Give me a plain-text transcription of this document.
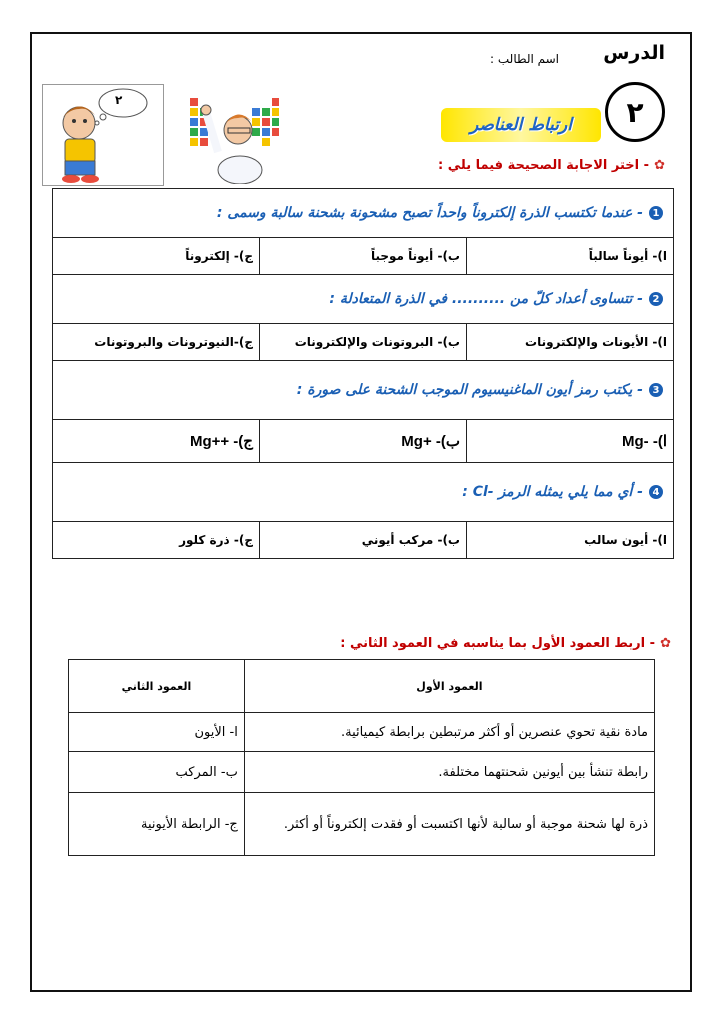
الدرس
اسم الطالب :
٢
ارتباط العناصر
٢
✿ - اختر الاجابة الصحيحة فيما يلي :
1
- عندما تكتسب الذرة إلكتروناً واحداً تصبح مشحونة بشحنة سالبة وسمى :
ا)- أيوناً سالباً
ب)- أيوناً موجباً
ج)- إلكتروناً
2
- تتساوى أعداد كلّ من .......... في الذرة المتعادلة :
ا)- الأيونات والإلكترونات
ب)- البروتونات والإلكترونات
ج)-النيوترونات والبروتونات
3
- يكتب رمز أيون الماغنيسيوم الموجب الشحنة على صورة :
ا)- -Mg
ب)- +Mg
ج)- ++Mg
4
- أي مما يلي يمثله الرمز -Cl :
ا)- أيون سالب
ب)- مركب أيوني
ج)- ذرة كلور
✿ - اربط العمود الأول بما يناسبه في العمود الثاني :
العمود الأول	العمود الثاني
مادة نقية تحوي عنصرين أو أكثر مرتبطين برابطة كيميائية.	ا- الأيون
رابطة تنشأ بين أيونين شحنتهما مختلفة.	ب- المركب
ذرة لها شحنة موجبة أو سالبة لأنها اكتسبت أو فقدت إلكتروناً أو أكثر.	ج- الرابطة الأيونية
